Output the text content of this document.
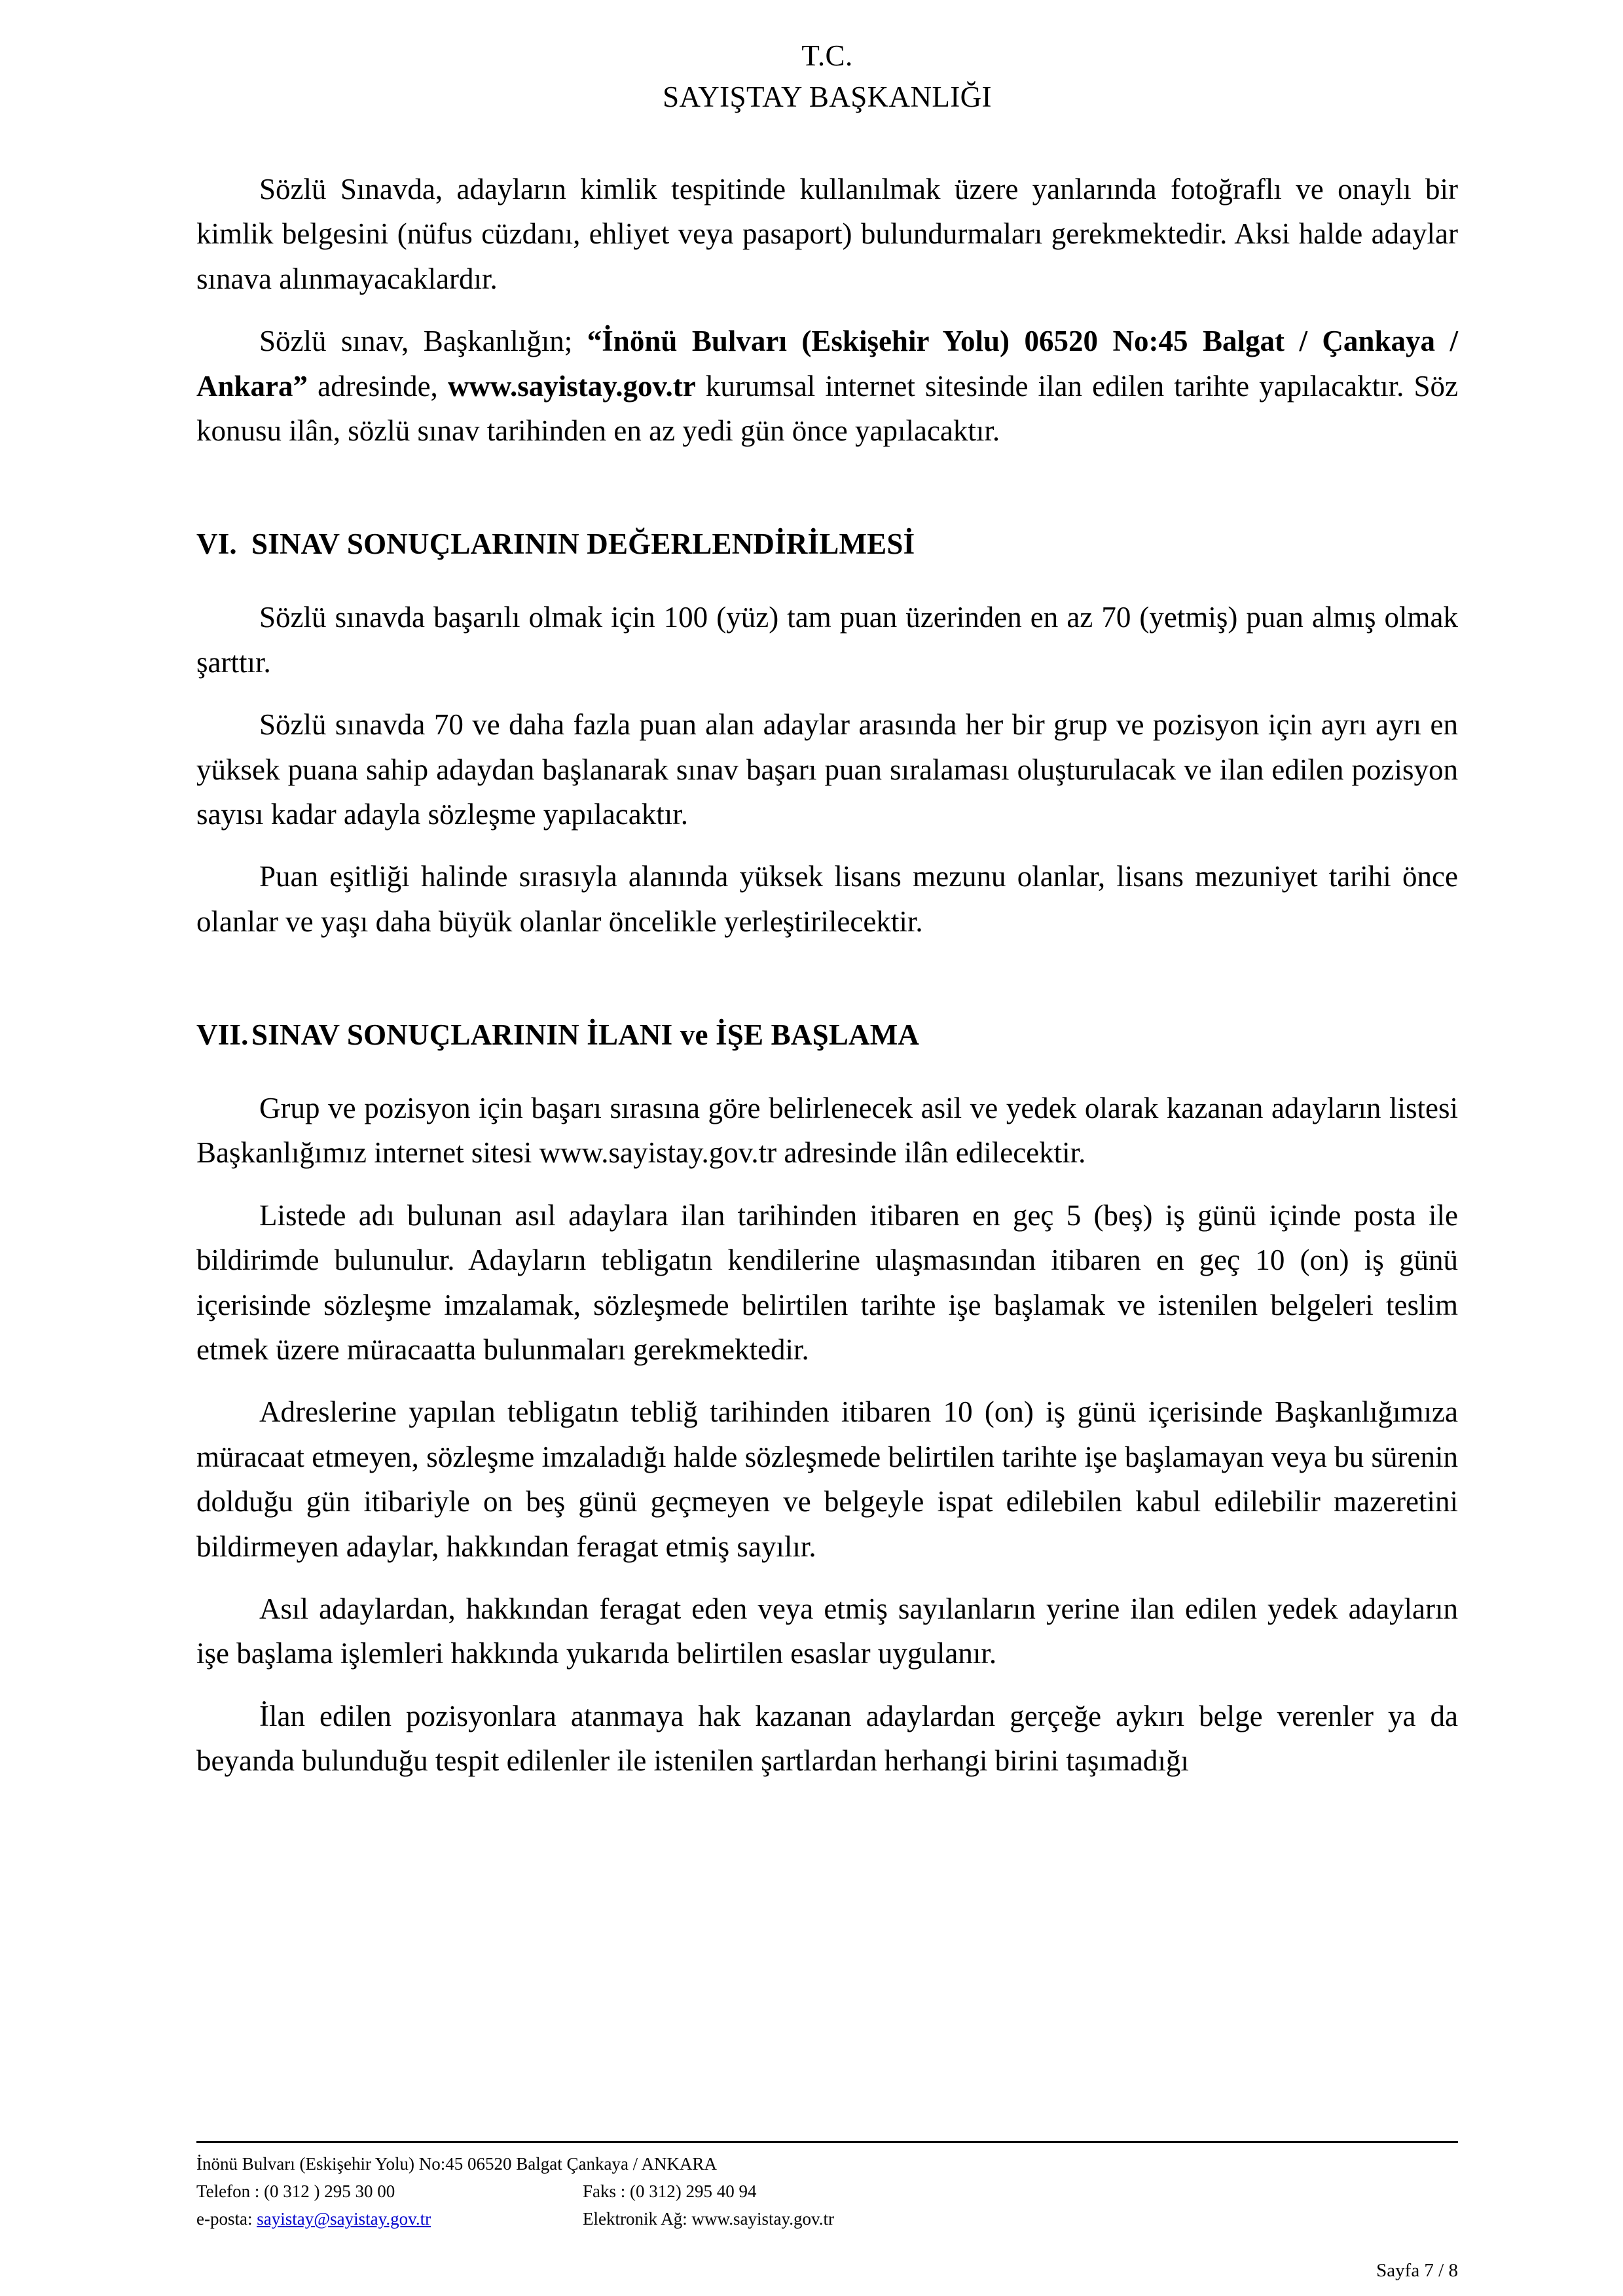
T.C.
SAYIŞTAY BAŞKANLIĞI

Sözlü Sınavda, adayların kimlik tespitinde kullanılmak üzere yanlarında fotoğraflı ve onaylı bir kimlik belgesini (nüfus cüzdanı, ehliyet veya pasaport) bulundurmaları gerekmektedir. Aksi halde adaylar sınava alınmayacaklardır.

Sözlü sınav, Başkanlığın; “İnönü Bulvarı (Eskişehir Yolu) 06520 No:45 Balgat / Çankaya / Ankara” adresinde, www.sayistay.gov.tr kurumsal internet sitesinde ilan edilen tarihte yapılacaktır. Söz konusu ilân, sözlü sınav tarihinden en az yedi gün önce yapılacaktır.

VI. SINAV SONUÇLARININ DEĞERLENDİRİLMESİ

Sözlü sınavda başarılı olmak için 100 (yüz) tam puan üzerinden en az 70 (yetmiş) puan almış olmak şarttır.

Sözlü sınavda 70 ve daha fazla puan alan adaylar arasında her bir grup ve pozisyon için ayrı ayrı en yüksek puana sahip adaydan başlanarak sınav başarı puan sıralaması oluşturulacak ve ilan edilen pozisyon sayısı kadar adayla sözleşme yapılacaktır.

Puan eşitliği halinde sırasıyla alanında yüksek lisans mezunu olanlar, lisans mezuniyet tarihi önce olanlar ve yaşı daha büyük olanlar öncelikle yerleştirilecektir.

VII.SINAV SONUÇLARININ İLANI ve İŞE BAŞLAMA

Grup ve pozisyon için başarı sırasına göre belirlenecek asil ve yedek olarak kazanan adayların listesi Başkanlığımız internet sitesi www.sayistay.gov.tr adresinde ilân edilecektir.

Listede adı bulunan asıl adaylara ilan tarihinden itibaren en geç 5 (beş) iş günü içinde posta ile bildirimde bulunulur. Adayların tebligatın kendilerine ulaşmasından itibaren en geç 10 (on) iş günü içerisinde sözleşme imzalamak, sözleşmede belirtilen tarihte işe başlamak ve istenilen belgeleri teslim etmek üzere müracaatta bulunmaları gerekmektedir.

Adreslerine yapılan tebligatın tebliğ tarihinden itibaren 10 (on) iş günü içerisinde Başkanlığımıza müracaat etmeyen, sözleşme imzaladığı halde sözleşmede belirtilen tarihte işe başlamayan veya bu sürenin dolduğu gün itibariyle on beş günü geçmeyen ve belgeyle ispat edilebilen kabul edilebilir mazeretini bildirmeyen adaylar, hakkından feragat etmiş sayılır.

Asıl adaylardan, hakkından feragat eden veya etmiş sayılanların yerine ilan edilen yedek adayların işe başlama işlemleri hakkında yukarıda belirtilen esaslar uygulanır.

İlan edilen pozisyonlara atanmaya hak kazanan adaylardan gerçeğe aykırı belge verenler ya da beyanda bulunduğu tespit edilenler ile istenilen şartlardan herhangi birini taşımadığı

İnönü Bulvarı (Eskişehir Yolu) No:45 06520 Balgat Çankaya / ANKARA
Telefon : (0 312 ) 295 30 00	Faks : (0 312) 295 40 94
e-posta: sayistay@sayistay.gov.tr	Elektronik Ağ: www.sayistay.gov.tr
Sayfa 7 / 8
